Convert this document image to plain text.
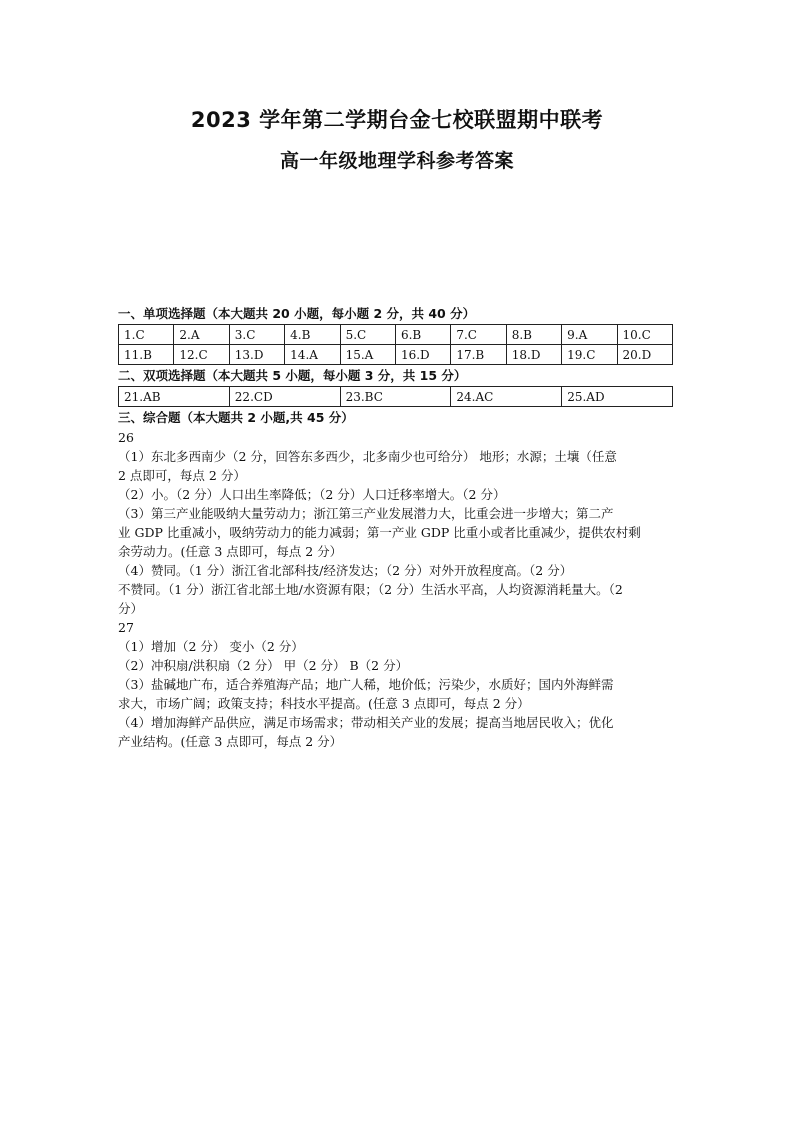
2023 学年第二学期台金七校联盟期中联考
高一年级地理学科参考答案
一、单项选择题（本大题共 20 小题，每小题 2 分，共 40 分）
1.C	2.A	3.C	4.B	5.C	6.B	7.C	8.B	9.A	10.C
11.B	12.C	13.D	14.A	15.A	16.D	17.B	18.D	19.C	20.D
二、双项选择题（本大题共 5 小题，每小题 3 分，共 15 分）
21.AB	22.CD	23.BC	24.AC	25.AD
三、综合题（本大题共 2 小题,共 45 分）
26
（1）东北多西南少（2 分，回答东多西少，北多南少也可给分） 地形；水源；土壤（任意
2 点即可，每点 2 分）
（2）小。（2 分）人口出生率降低；（2 分）人口迁移率增大。（2 分）
（3）第三产业能吸纳大量劳动力；浙江第三产业发展潜力大，比重会进一步增大；第二产
业 GDP 比重减小，吸纳劳动力的能力减弱；第一产业 GDP 比重小或者比重减少，提供农村剩
余劳动力。(任意 3 点即可，每点 2 分）
（4）赞同。（1 分）浙江省北部科技/经济发达；（2 分）对外开放程度高。（2 分）
不赞同。（1 分）浙江省北部土地/水资源有限；（2 分）生活水平高，人均资源消耗量大。（2
分）
27
（1）增加（2 分） 变小（2 分）
（2）冲积扇/洪积扇（2 分） 甲（2 分） B（2 分）
（3）盐碱地广布，适合养殖海产品；地广人稀，地价低；污染少，水质好；国内外海鲜需
求大，市场广阔；政策支持；科技水平提高。(任意 3 点即可，每点 2 分）
（4）增加海鲜产品供应，满足市场需求；带动相关产业的发展；提高当地居民收入；优化
产业结构。(任意 3 点即可，每点 2 分）
